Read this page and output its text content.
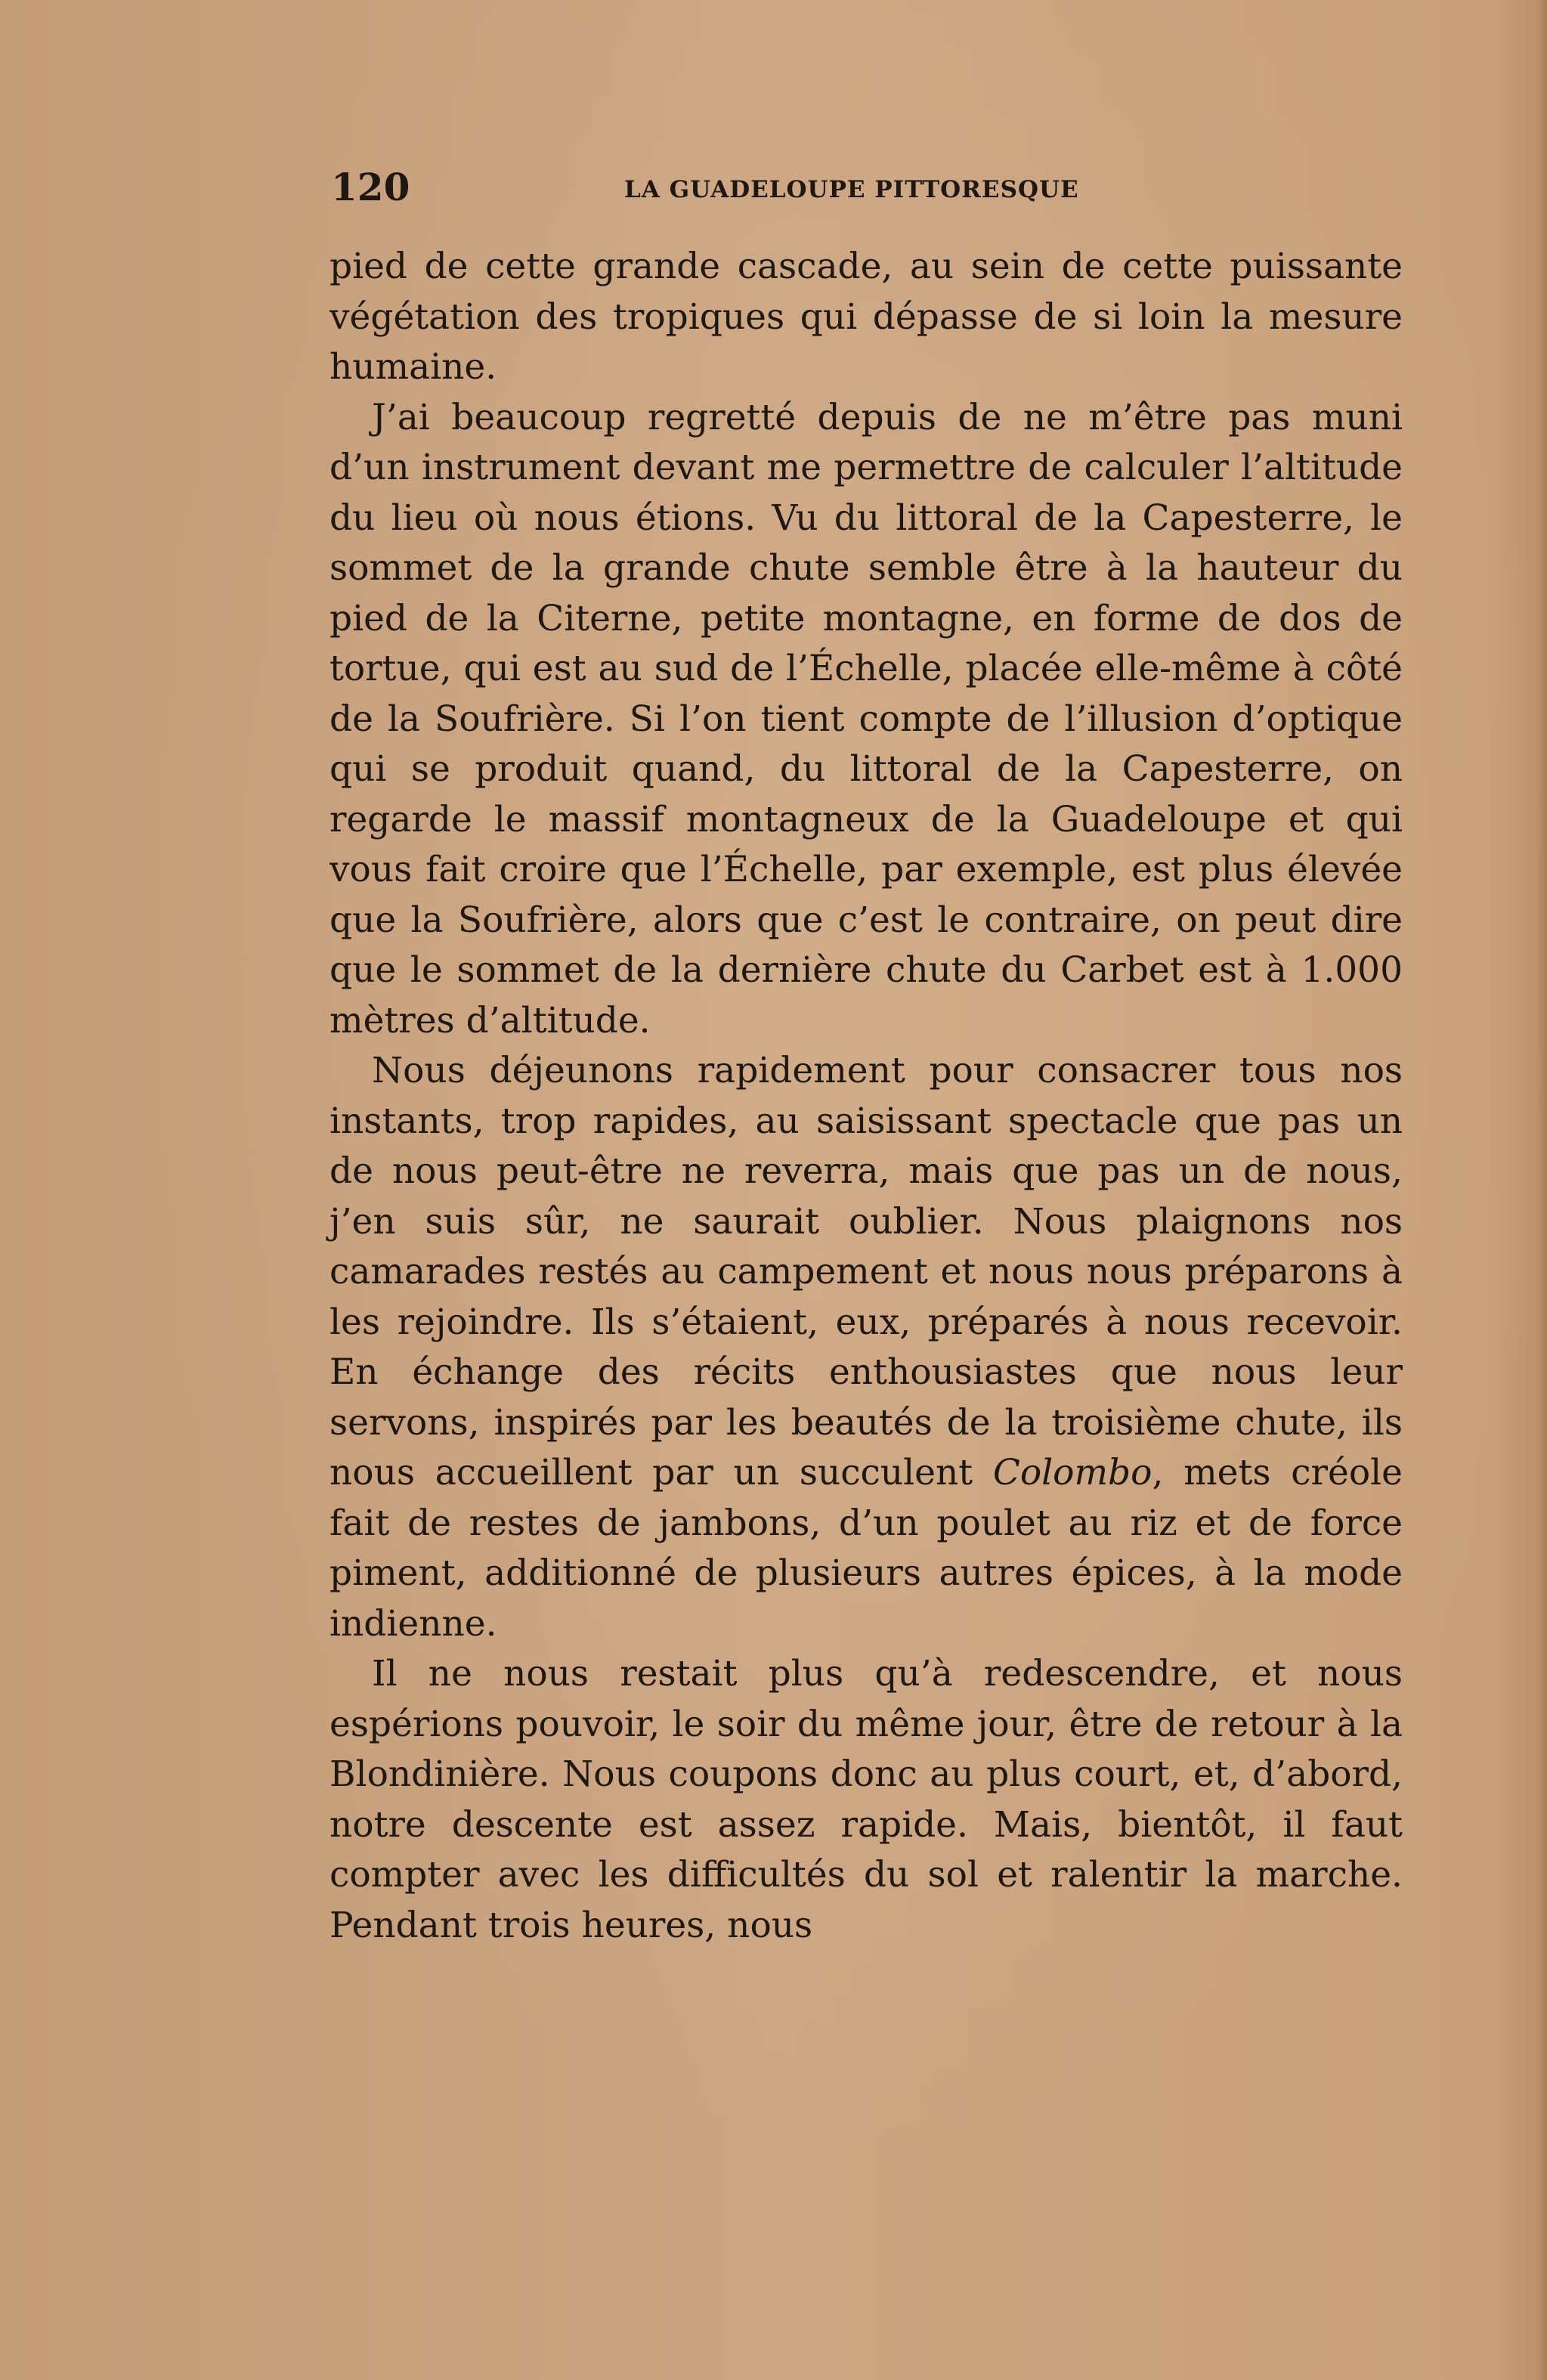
120	LA GUADELOUPE PITTORESQUE

pied de cette grande cascade, au sein de cette puissante végétation des tropiques qui dépasse de si loin la mesure humaine.

J’ai beaucoup regretté depuis de ne m’être pas muni d’un instrument devant me permettre de calculer l’altitude du lieu où nous étions. Vu du littoral de la Capesterre, le sommet de la grande chute semble être à la hauteur du pied de la Citerne, petite montagne, en forme de dos de tortue, qui est au sud de l’Échelle, placée elle-même à côté de la Soufrière. Si l’on tient compte de l’illusion d’optique qui se produit quand, du littoral de la Capesterre, on regarde le massif montagneux de la Guadeloupe et qui vous fait croire que l’Échelle, par exemple, est plus élevée que la Soufrière, alors que c’est le contraire, on peut dire que le sommet de la dernière chute du Carbet est à 1.000 mètres d’altitude.

Nous déjeunons rapidement pour consacrer tous nos instants, trop rapides, au saisissant spectacle que pas un de nous peut-être ne reverra, mais que pas un de nous, j’en suis sûr, ne saurait oublier. Nous plaignons nos camarades restés au campement et nous nous préparons à les rejoindre. Ils s’étaient, eux, préparés à nous recevoir. En échange des récits enthousiastes que nous leur servons, inspirés par les beautés de la troisième chute, ils nous accueillent par un succulent Colombo, mets créole fait de restes de jambons, d’un poulet au riz et de force piment, additionné de plusieurs autres épices, à la mode indienne.

Il ne nous restait plus qu’à redescendre, et nous espérions pouvoir, le soir du même jour, être de retour à la Blondinière. Nous coupons donc au plus court, et, d’abord, notre descente est assez rapide. Mais, bientôt, il faut compter avec les difficultés du sol et ralentir la marche. Pendant trois heures, nous
